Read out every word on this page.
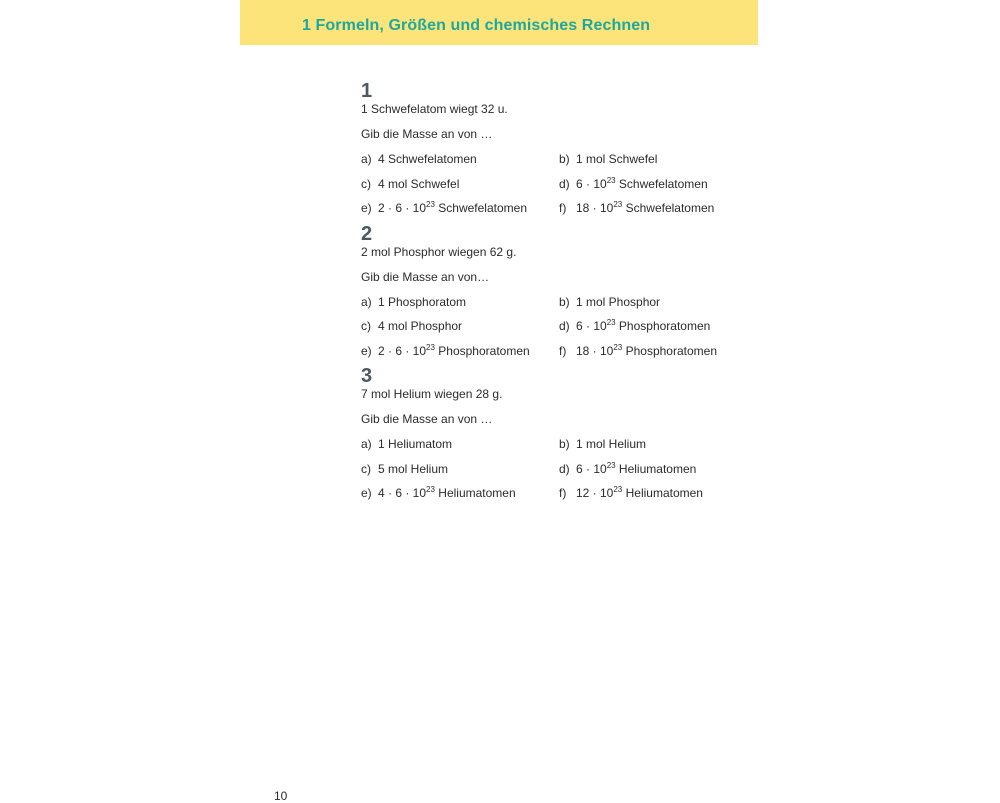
1 Formeln, Größen und chemisches Rechnen
1

1 Schwefelatom wiegt 32 u.

Gib die Masse an von …

a) 4 Schwefelatomen	b) 1 mol Schwefel
c) 4 mol Schwefel	d) $6 \cdot 10^{23}$ Schwefelatomen
e) $2 \cdot 6 \cdot 10^{23}$ Schwefelatomen	f) $18 \cdot 10^{23}$ Schwefelatomen
2

2 mol Phosphor wiegen 62 g.

Gib die Masse an von…

a) 1 Phosphoratom	b) 1 mol Phosphor
c) 4 mol Phosphor	d) $6 \cdot 10^{23}$ Phosphoratomen
e) $2 \cdot 6 \cdot 10^{23}$ Phosphoratomen	f) $18 \cdot 10^{23}$ Phosphoratomen
3

7 mol Helium wiegen 28 g.

Gib die Masse an von …

a) 1 Heliumatom	b) 1 mol Helium
c) 5 mol Helium	d) $6 \cdot 10^{23}$ Heliumatomen
e) $4 \cdot 6 \cdot 10^{23}$ Heliumatomen	f) $12 \cdot 10^{23}$ Heliumatomen
10
